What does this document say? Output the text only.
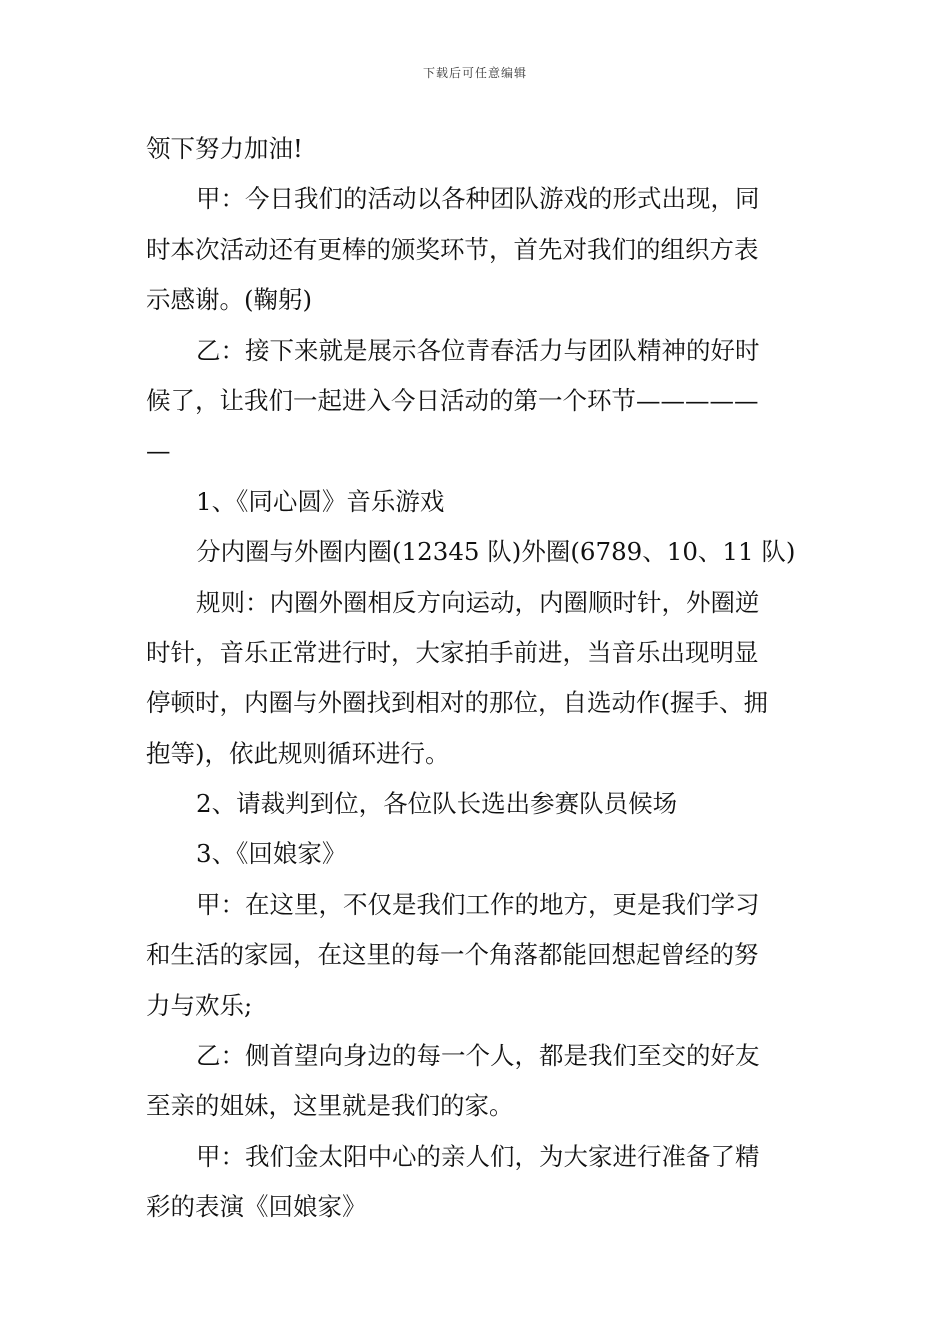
下载后可任意编辑
领下努力加油!
甲：今日我们的活动以各种团队游戏的形式出现，同
时本次活动还有更棒的颁奖环节，首先对我们的组织方表
示感谢。(鞠躬)
乙：接下来就是展示各位青春活力与团队精神的好时
候了，让我们一起进入今日活动的第一个环节—————
—
1、《同心圆》音乐游戏
分内圈与外圈内圈(12345 队)外圈(6789、10、11 队)
规则：内圈外圈相反方向运动，内圈顺时针，外圈逆
时针，音乐正常进行时，大家拍手前进，当音乐出现明显
停顿时，内圈与外圈找到相对的那位，自选动作(握手、拥
抱等)，依此规则循环进行。
2、请裁判到位，各位队长选出参赛队员候场
3、《回娘家》
甲：在这里，不仅是我们工作的地方，更是我们学习
和生活的家园，在这里的每一个角落都能回想起曾经的努
力与欢乐;
乙：侧首望向身边的每一个人，都是我们至交的好友
至亲的姐妹，这里就是我们的家。
甲：我们金太阳中心的亲人们，为大家进行准备了精
彩的表演《回娘家》
